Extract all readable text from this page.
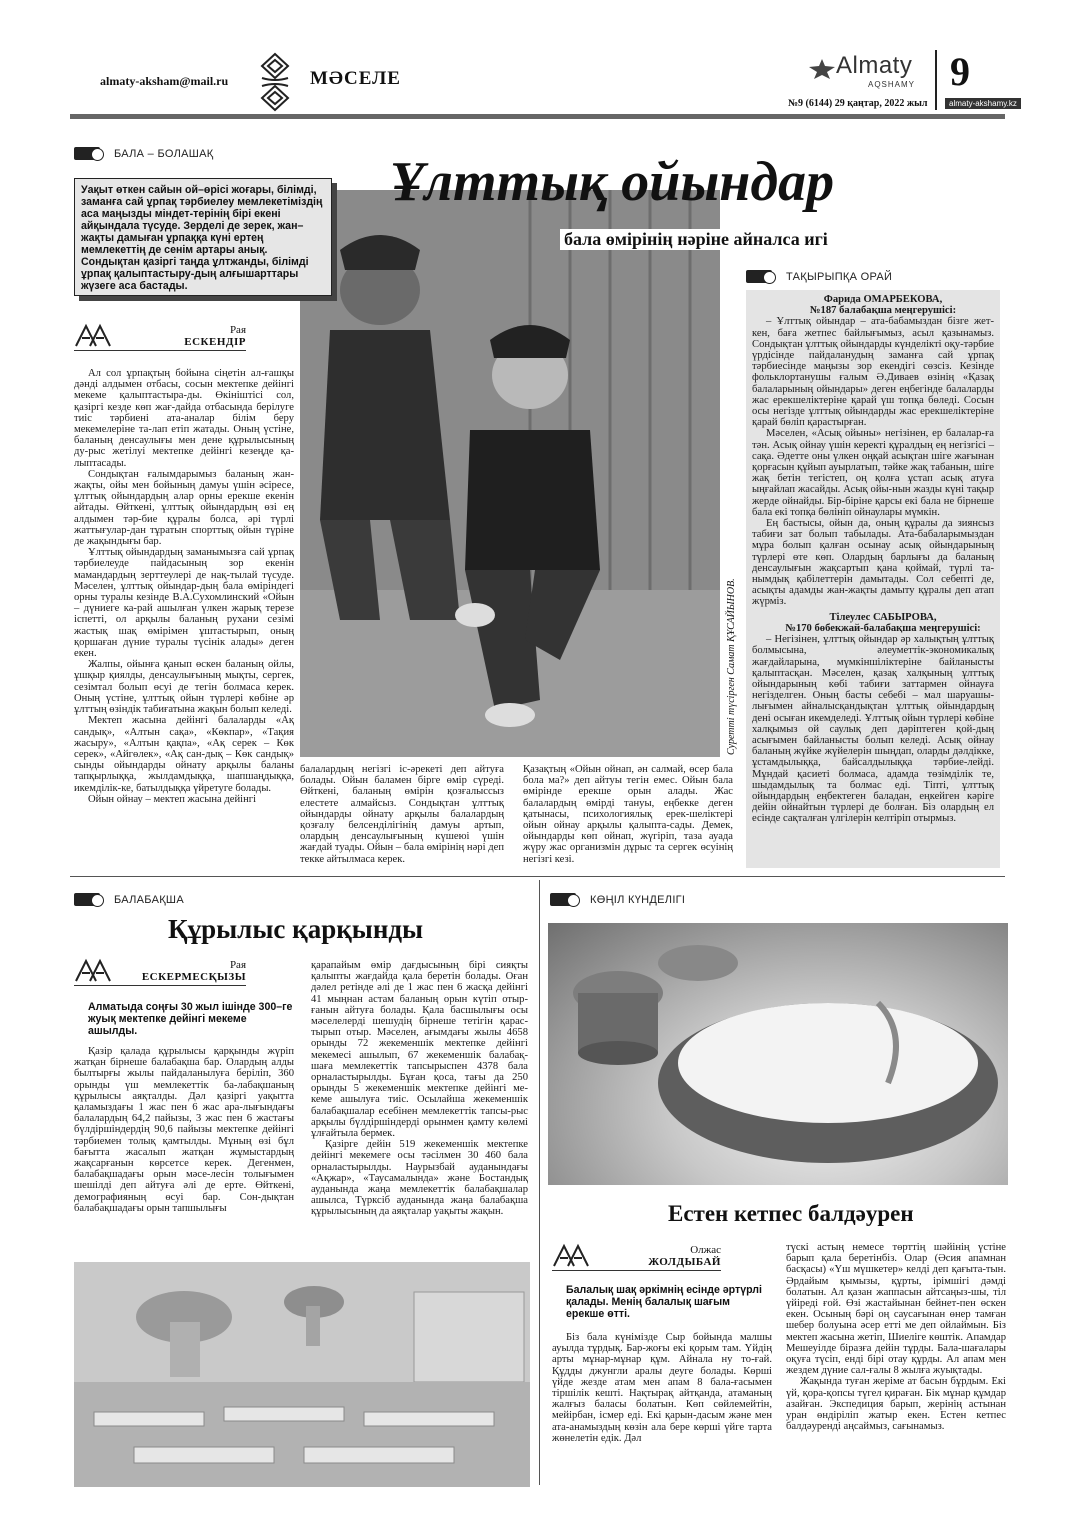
almaty-aksham@mail.ru	МӘСЕЛЕ	Almaty
AQSHAMY
№9 (6144) 29 қаңтар, 2022 жыл
9
almaty-akshamy.kz
БАЛА – БОЛАШАҚ
Суретті түсірген Самат ҚҰСАЙЫНОВ.
Ұлттық ойындар
бала өмірінің нәріне айналса игі
Уақыт өткен сайын ой–өрісі жоғары, білімді, заманға сай ұрпақ тәрбиелеу мемлекетіміздің аса маңызды міндет-терінің бірі екені айқындала түсуде. Зерделі де зерек, жан–жақты дамыған ұрпаққа күні ертең мемлекеттің де сенім артары анық. Сондықтан қазіргі таңда ұлтжанды, білімді ұрпақ қалыптастыру-дың алғышарттары жүзеге аса бастады.
Рая
ЕСКЕНДІР

Ал сол ұрпақтың бойына сіңетін ал-ғашқы дәнді алдымен отбасы, сосын мектепке дейінгі мекеме қалыптастыра-ды. Өкініштісі сол, қазіргі кезде көп жағ-дайда отбасында берілуге тиіс тәрбиені ата-аналар білім беру мекемелеріне та-лап етіп жатады. Оның үстіне, баланың денсаулығы мен дене құрылысының ду-рыс жетілуі мектепке дейінгі кезеңде қа-лыптасады.

Сондықтан ғалымдарымыз баланың жан-жақты, ойы мен бойының дамуы үшін әсіресе, ұлттық ойындардың алар орны ерекше екенін айтады. Өйткені, ұлттық ойындардың өзі ең алдымен тәр-бие құралы болса, әрі түрлі жаттығулар-дан тұратын спорттық ойын түріне де жақындығы бар.

Ұлттық ойындардың заманымызға сай ұрпақ тәрбиелеуде пайдасының зор екенін мамандардың зерттеулері де нақ-тылай түсуде. Мәселен, ұлттық ойындар-дың бала өміріндегі орны туралы кезінде В.А.Сухомлинский «Ойын – дүниеге ка-рай ашылған үлкен жарық терезе іспетті, ол арқылы баланың рухани сезімі жастық шақ өмірімен ұштастырып, оның қоршаған дүние туралы түсінік алады» деген екен.

Жалпы, ойынға қанып өскен баланың ойлы, ұшқыр қиялды, денсаулығының мықты, сергек, сезімтал болып өсуі де тегін болмаса керек. Оның үстіне, ұлттық ойын түрлері көбіне әр ұлттың өзіндік табиғатына жақын болып келеді.

Мектеп жасына дейінгі балаларды «Ақ сандық», «Алтын сақа», «Көкпар», «Тақия жасыру», «Алтын қақпа», «Ақ серек – Көк серек», «Айгөлек», «Ақ сан-дық – Көк сандық» сынды ойындарды ойнату арқылы баланы тапқырлыққа, жылдамдыққа, шапшаңдыққа, икемділік-ке, батылдыққа үйретуге болады.

Ойын ойнау – мектеп жасына дейінгі

балалардың негізгі іс-әрекеті деп айтуға болады. Ойын баламен бірге өмір сүреді. Өйткені, баланың өмірін қозғалыссыз елестете алмайсыз. Сондықтан ұлттық ойындарды ойнату арқылы балалардың қозғалу белсенділігінің дамуы артып, олардың денсаулығының күшеюі үшін жағдай туады. Ойын – бала өмірінің нәрі деп текке айтылмаса керек.

Қазақтың «Ойын ойнап, ән салмай, өсер бала бола ма?» деп айтуы тегін емес. Ойын бала өмірінде ерекше орын алады. Жас балалардың өмірді тануы, еңбекке деген қатынасы, психологиялық ерек-шеліктері ойын ойнау арқылы қалыпта-сады. Демек, ойындарды көп ойнап, жүгіріп, таза ауада жүру жас организмін дұрыс та сергек өсуінің негізгі кезі.

ТАҚЫРЫПҚА ОРАЙ
Фарида ОМАРБЕКОВА,
№187 балабақша меңгерушісі:

– Ұлттық ойындар – ата-бабамыздан бізге жет-кен, баға жетпес байлығымыз, асыл қазынамыз. Сондықтан ұлттық ойындарды күнделікті оқу-тәрбие үрдісінде пайдаланудың заманға сай ұрпақ тәрбиесінде маңызы зор екендігі сөзсіз. Кезінде фольклортанушы ғалым Ә.Диваев өзінің «Қазақ балаларының ойындары» деген еңбегінде балаларды жас ерекшеліктеріне қарай үш топқа бөледі. Сосын осы негізде ұлттық ойындарды жас ерекшеліктеріне қарай бөліп қарастырған.

Мәселен, «Асық ойыны» негізінен, ер балалар-ға тән. Асық ойнау үшін керекті құралдың ең негізгісі – сақа. Әдетте оны үлкен оңқай асықтан шіге жағынан қорғасын құйып ауырлатып, тәйке жақ табанын, шіге жақ бетін тегістеп, оң қолға ұстап асық атуға ыңғайлап жасайды. Асық ойы-нын жазды күні тақыр жерде ойнайды. Бір-біріне қарсы екі бала не бірнеше бала екі топқа бөлініп ойнаулары мүмкін.

Ең бастысы, ойын да, оның құралы да зиянсыз табиғи зат болып табылады. Ата-бабаларымыздан мұра болып қалған осынау асық ойындарының түрлері өте көп. Олардың барлығы да баланың денсаулығын жақсартып қана қоймай, түрлі та-нымдық қабілеттерін дамытады. Сол себепті де, асықты адамды жан-жақты дамыту құралы деп атап жүрміз.

Тілеулес САБЫРОВА,
№170 бөбекжай-балабақша меңгерушісі:

– Негізінен, ұлттық ойындар әр халықтың ұлттық болмысына, әлеуметтік-экономикалық жағдайларына, мүмкіншіліктеріне байланысты қалыптасқан. Мәселен, қазақ халқының ұлттық ойындарының көбі табиғи заттармен ойнауға негізделген. Оның басты себебі – мал шаруашы-лығымен айналысқандықтан ұлттық ойындардың дені осыған икемделеді. Ұлттық ойын түрлері көбіне халқымыз ой саулық деп дәріптеген қой-дың асығымен байланысты болып келеді. Асық ойнау баланың жүйке жүйелерін шыңдап, оларды дәлдікке, ұстамдылыққа, байсалдылыққа тәрбие-лейді. Мұндай қасиеті болмаса, адамда төзімділік те, шыдамдылық та болмас еді. Тіпті, ұлттық ойындардың еңбектеген баладан, еңкейген кәріге дейін ойнайтын түрлері де болған. Біз олардың ел есінде сақталған үлгілерін келтіріп отырмыз.

БАЛАБАҚША
Құрылыс қарқынды
Рая
ЕСКЕРМЕСҚЫЗЫ
Алматыда соңғы 30 жыл ішінде 300–ге жуық мектепке дейінгі мекеме ашылды.

Қазір қалада құрылысы қарқынды жүріп жатқан бірнеше балабақша бар. Олардың алды былтырғы жылы пайдаланылуға беріліп, 360 орынды үш мемлекеттік ба-лабақшаның құрылысы аяқталды. Дәл қазіргі уақытта қаламыздағы 1 жас пен 6 жас ара-лығындағы балалардың 64,2 пайызы, 3 жас пен 6 жастағы бүлдіршіндердің 90,6 пайызы мектепке дейінгі тәрбиемен толық қамтылды. Мұның өзі бұл бағытта жасалып жатқан жұмыстардың жақсарғанын көрсетсе керек. Дегенмен, балабақшадағы орын мәсе-лесін толығымен шешілді деп айтуға әлі де ерте. Өйткені, демографияның өсуі бар. Сон-дықтан балабақшадағы орын тапшылығы

қарапайым өмір дағдысының бірі сияқты қалыпты жағдайда қала беретін болады. Оған дәлел ретінде әлі де 1 жас пен 6 жасқа дейінгі 41 мыңнан астам баланың орын күтіп отыр-ғанын айтуға болады. Қала басшылығы осы мәселелерді шешудің бірнеше тетігін қарас-тырып отыр. Мәселен, ағымдағы жылы 4658 орынды 72 жекеменшік мектепке дейінгі мекемесі ашылып, 67 жекеменшік балабақ-шаға мемлекеттік тапсырыспен 4378 бала орналастырылды. Бұған қоса, тағы да 250 орынды 5 жекеменшік мектепке дейінгі ме-кеме ашылуға тиіс. Осылайша жекеменшік балабақшалар есебінен мемлекеттік тапсы-рыс арқылы бүлдіршіндерді орынмен қамту көлемі ұлғайтыла бермек.

Қазірге дейін 519 жекеменшік мектепке дейінгі мекемеге осы тәсілмен 30 460 бала орналастырылды. Наурызбай ауданындағы «Ақжар», «Таусамалында» және Бостандық ауданында жаңа мемлекеттік балабақшалар ашылса, Түрксіб ауданында жаңа балабақша құрылысының да аяқталар уақыты жақын.

КӨҢІЛ КҮНДЕЛІГІ
Естен кетпес балдәурен
Олжас
ЖОЛДЫБАЙ
Балалық шақ әркімнің есінде әртүрлі қалады. Менің балалық шағым ерекше өтті.

Біз бала күнімізде Сыр бойында малшы ауылда тұрдық. Бар-жоғы екі қорым там. Үйдің арты мұнар-мұнар құм. Айнала ну то-ғай. Құдды джунгли аралы деуге болады. Көрші үйде жезде атам мен апам 8 бала-ғасымен тіршілік кешті. Нақтырақ айтқанда, атаманың жалғыз баласы болатын. Көп сөйлемейтін, мейірбан, ісмер еді. Екі қарын-дасым және мен ата-анамыздың көзін ала бере көрші үйге тарта жөнелетін едік. Дәл

түскі астың немесе төрттің шәйінің үстіне барып қала беретінбіз. Олар (Әсия апамнан басқасы) «Үш мүшкетер» келді деп қағыта-тын. Әрдайым қымызы, құрты, ірімшігі дәмді болатын. Ал қазан жаппасын айтсаңыз-шы, тіл үйіреді ғой. Өзі жастайынан бейнет-пен өскен екен. Осының бәрі оң саусағынан өнер тамған шебер болуына әсер етті ме деп ойлаймын. Біз мектеп жасына жетіп, Шиеліге көштік. Апамдар Мешеуілде біразға дейін тұрды. Бала-шағалары оқуға түсіп, енді бірі отау құрды. Ал апам мен жездем дүние сал-ғалы 8 жылға жуықтады.

Жақында туған жеріме ат басын бұрдым. Екі үй, қора-қопсы түгел қираған. Бік мұнар құмдар азайған. Экспедиция барып, жерінің астынан уран өндіріліп жатыр екен. Естен кетпес балдәуренді аңсаймыз, сағынамыз.
